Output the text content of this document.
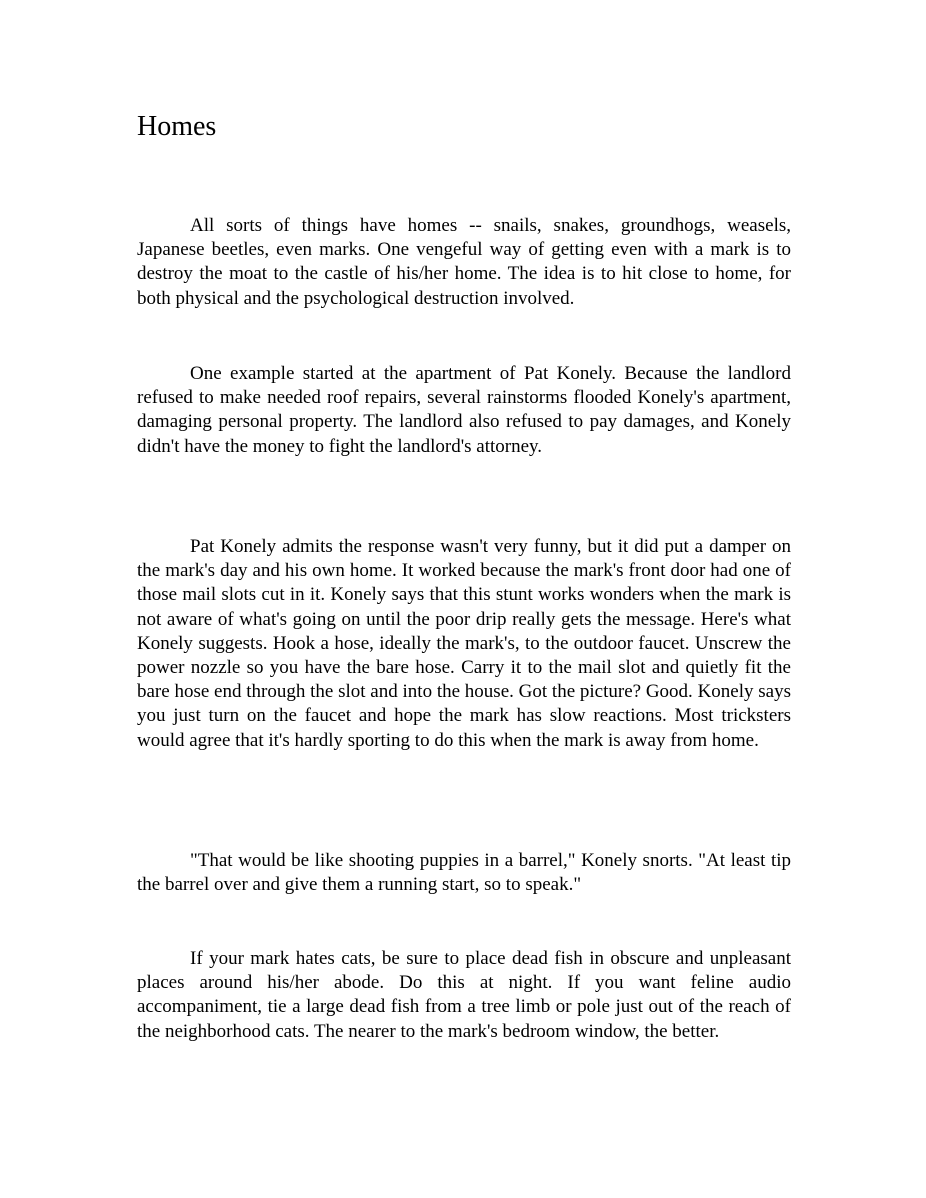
Homes

All sorts of things have homes -- snails, snakes, groundhogs, weasels, Japanese beetles, even marks. One vengeful way of getting even with a mark is to destroy the moat to the castle of his/her home. The idea is to hit close to home, for both physical and the psychological destruction involved.

One example started at the apartment of Pat Konely. Because the landlord refused to make needed roof repairs, several rainstorms flooded Konely's apartment, damaging personal property. The landlord also refused to pay damages, and Konely didn't have the money to fight the landlord's attorney.

Pat Konely admits the response wasn't very funny, but it did put a damper on the mark's day and his own home. It worked because the mark's front door had one of those mail slots cut in it. Konely says that this stunt works wonders when the mark is not aware of what's going on until the poor drip really gets the message. Here's what Konely suggests. Hook a hose, ideally the mark's, to the outdoor faucet. Unscrew the power nozzle so you have the bare hose. Carry it to the mail slot and quietly fit the bare hose end through the slot and into the house. Got the picture? Good. Konely says you just turn on the faucet and hope the mark has slow reactions. Most tricksters would agree that it's hardly sporting to do this when the mark is away from home.

"That would be like shooting puppies in a barrel," Konely snorts. "At least tip the barrel over and give them a running start, so to speak."

If your mark hates cats, be sure to place dead fish in obscure and unpleasant places around his/her abode. Do this at night. If you want feline audio accompaniment, tie a large dead fish from a tree limb or pole just out of the reach of the neighborhood cats. The nearer to the mark's bedroom window, the better.
